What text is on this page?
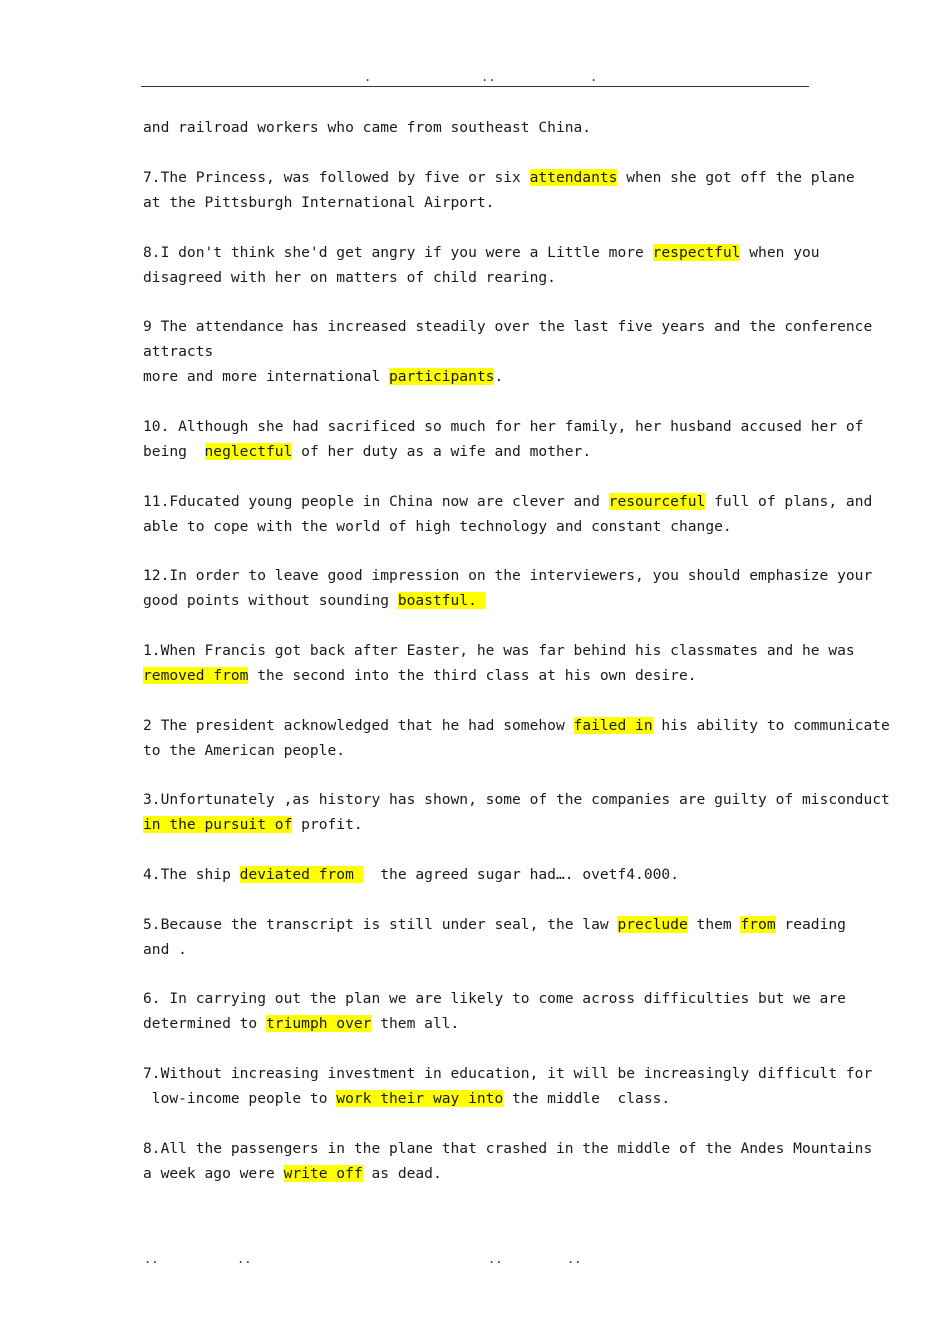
.	..	.
and railroad workers who came from southeast China.
7.The Princess, was followed by five or six attendants when she got off the plane
at the Pittsburgh International Airport.
8.I don't think she'd get angry if you were a Little more respectful when you
disagreed with her on matters of child rearing.
9 The attendance has increased steadily over the last five years and the conference
attracts
more and more international participants.
10. Although she had sacrificed so much for her family, her husband accused her of
being  neglectful of her duty as a wife and mother.
11.Fducated young people in China now are clever and resourceful full of plans, and
able to cope with the world of high technology and constant change.
12.In order to leave good impression on the interviewers, you should emphasize your
good points without sounding boastful.
1.When Francis got back after Easter, he was far behind his classmates and he was
removed from the second into the third class at his own desire.
2 The president acknowledged that he had somehow failed in his ability to communicate
to the American people.
3.Unfortunately ,as history has shown, some of the companies are guilty of misconduct
in the pursuit of profit.
4.The ship deviated from   the agreed sugar had…. ovetf4.000.
5.Because the transcript is still under seal, the law preclude them from reading
and .
6. In carrying out the plan we are likely to come across difficulties but we are
determined to triumph over them all.
7.Without increasing investment in education, it will be increasingly difficult for
low-income people to work their way into the middle  class.
8.All the passengers in the plane that crashed in the middle of the Andes Mountains
a week ago were write off as dead.
..	..	..	..
